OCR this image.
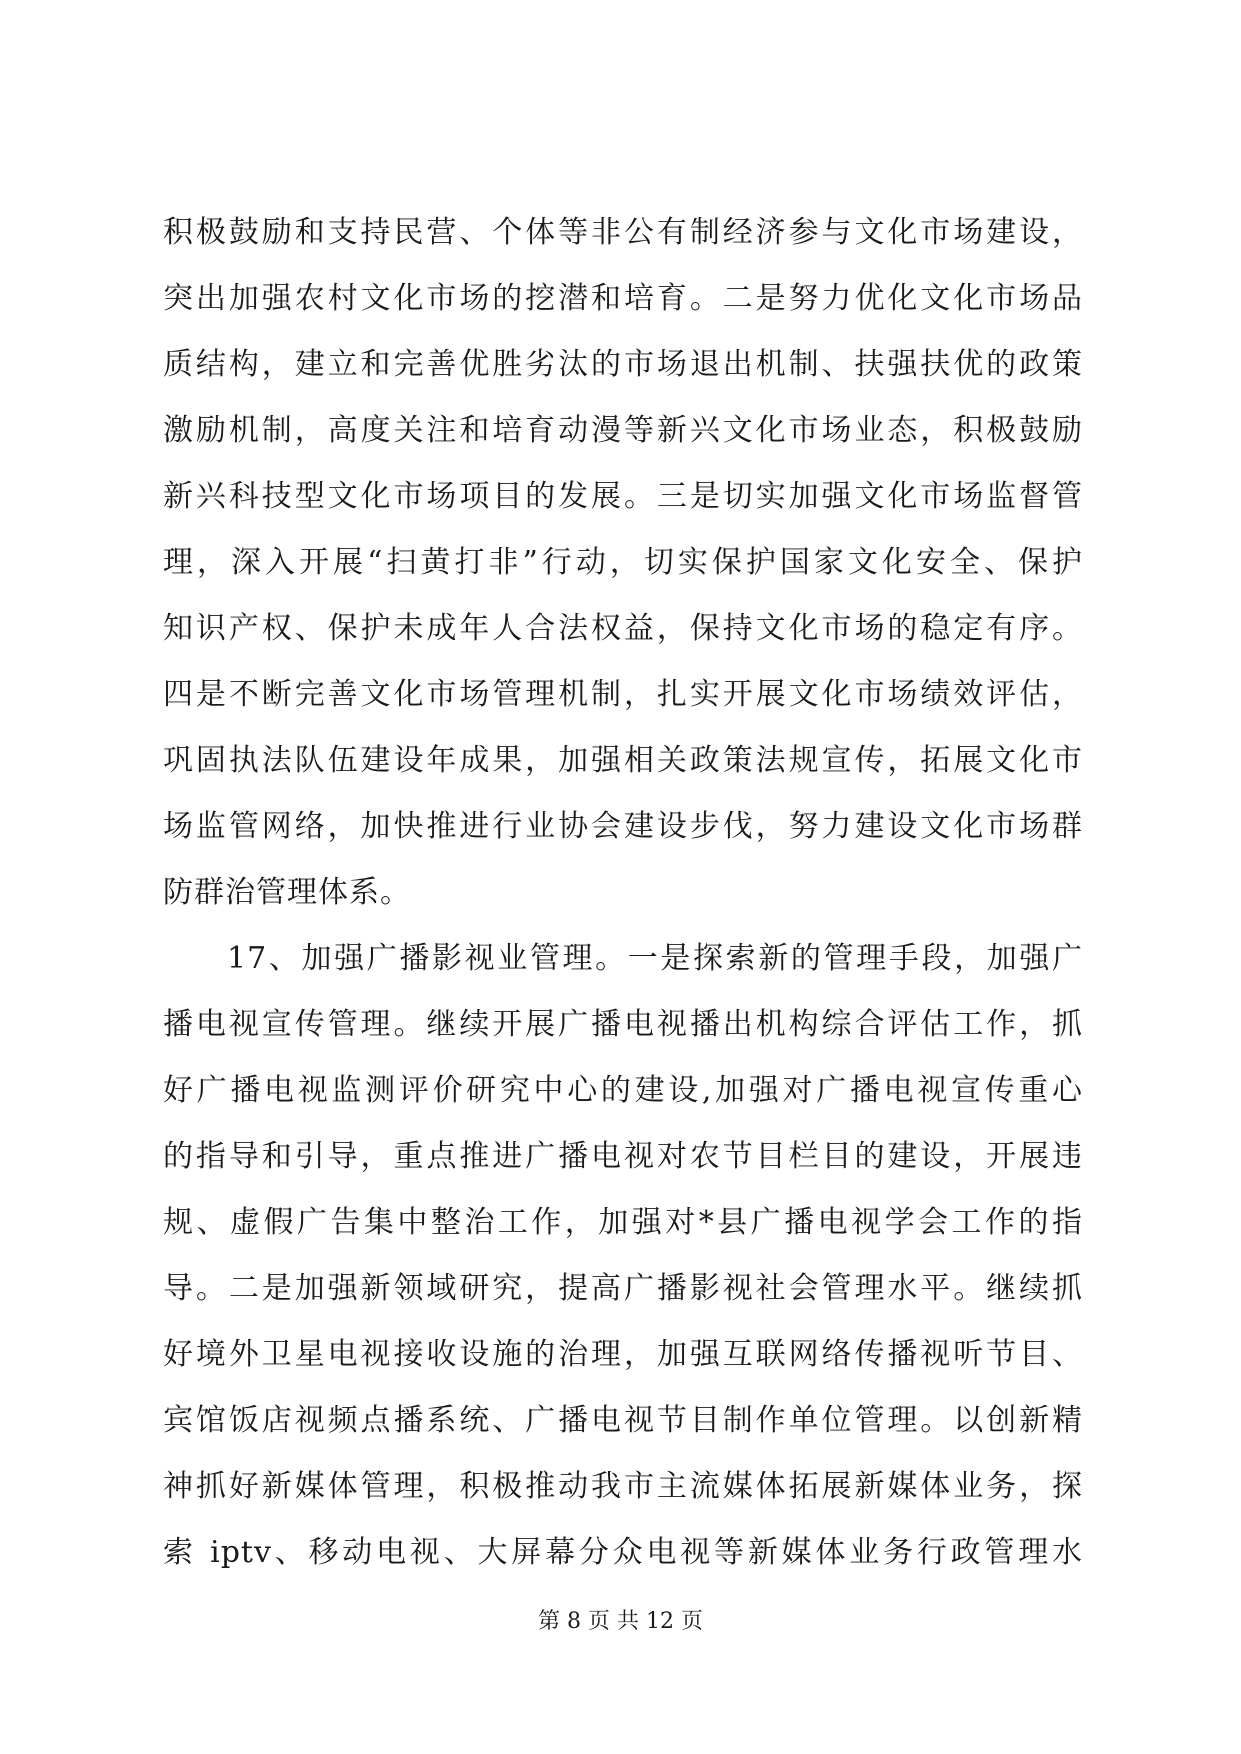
积极鼓励和支持民营、个体等非公有制经济参与文化市场建设，
突出加强农村文化市场的挖潜和培育。二是努力优化文化市场品
质结构，建立和完善优胜劣汰的市场退出机制、扶强扶优的政策
激励机制，高度关注和培育动漫等新兴文化市场业态，积极鼓励
新兴科技型文化市场项目的发展。三是切实加强文化市场监督管
理，深入开展“扫黄打非”行动，切实保护国家文化安全、保护
知识产权、保护未成年人合法权益，保持文化市场的稳定有序。
四是不断完善文化市场管理机制，扎实开展文化市场绩效评估，
巩固执法队伍建设年成果，加强相关政策法规宣传，拓展文化市
场监管网络，加快推进行业协会建设步伐，努力建设文化市场群
防群治管理体系。
17、加强广播影视业管理。一是探索新的管理手段，加强广
播电视宣传管理。继续开展广播电视播出机构综合评估工作，抓
好广播电视监测评价研究中心的建设,加强对广播电视宣传重心
的指导和引导，重点推进广播电视对农节目栏目的建设，开展违
规、虚假广告集中整治工作，加强对*县广播电视学会工作的指
导。二是加强新领域研究，提高广播影视社会管理水平。继续抓
好境外卫星电视接收设施的治理，加强互联网络传播视听节目、
宾馆饭店视频点播系统、广播电视节目制作单位管理。以创新精
神抓好新媒体管理，积极推动我市主流媒体拓展新媒体业务，探
索 iptv、移动电视、大屏幕分众电视等新媒体业务行政管理水
第 8 页 共 12 页
